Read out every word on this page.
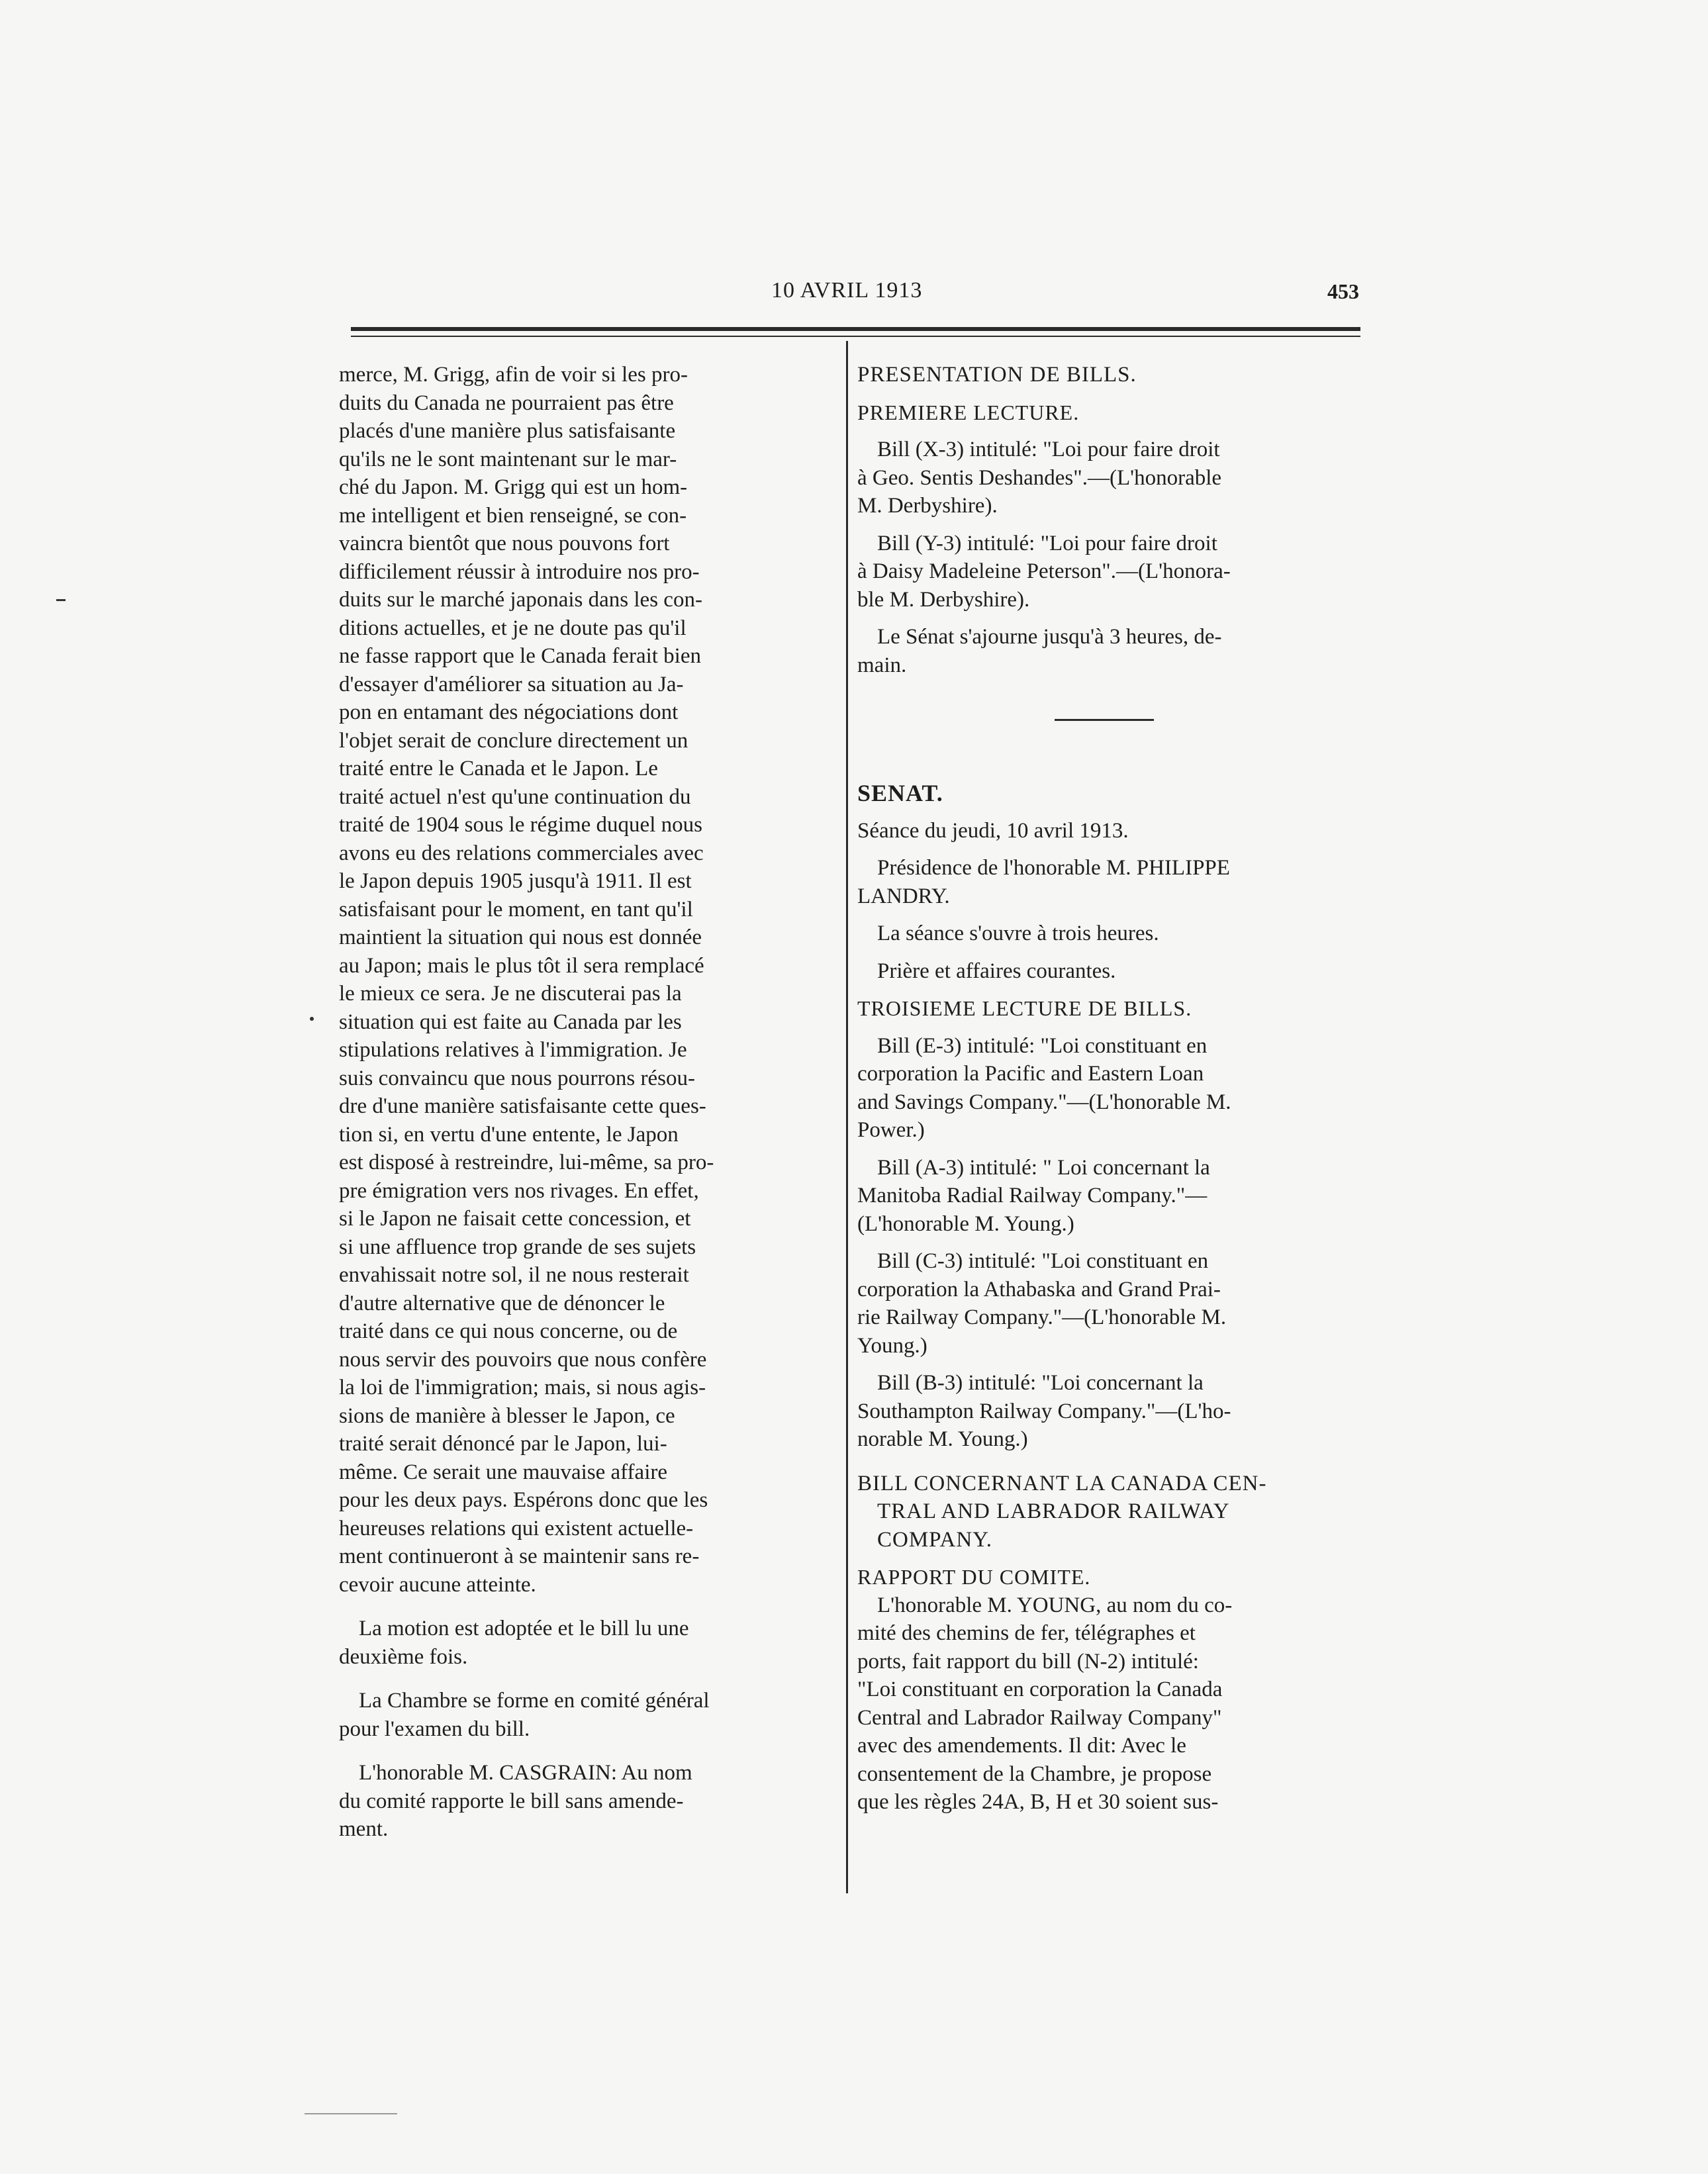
10 AVRIL 1913	453

merce, M. Grigg, afin de voir si les pro-
duits du Canada ne pourraient pas être
placés d'une manière plus satisfaisante
qu'ils ne le sont maintenant sur le mar-
ché du Japon. M. Grigg qui est un hom-
me intelligent et bien renseigné, se con-
vaincra bientôt que nous pouvons fort
difficilement réussir à introduire nos pro-
duits sur le marché japonais dans les con-
ditions actuelles, et je ne doute pas qu'il
ne fasse rapport que le Canada ferait bien
d'essayer d'améliorer sa situation au Ja-
pon en entamant des négociations dont
l'objet serait de conclure directement un
traité entre le Canada et le Japon. Le
traité actuel n'est qu'une continuation du
traité de 1904 sous le régime duquel nous
avons eu des relations commerciales avec
le Japon depuis 1905 jusqu'à 1911. Il est
satisfaisant pour le moment, en tant qu'il
maintient la situation qui nous est donnée
au Japon; mais le plus tôt il sera remplacé
le mieux ce sera. Je ne discuterai pas la
situation qui est faite au Canada par les
stipulations relatives à l'immigration. Je
suis convaincu que nous pourrons résou-
dre d'une manière satisfaisante cette ques-
tion si, en vertu d'une entente, le Japon
est disposé à restreindre, lui-même, sa pro-
pre émigration vers nos rivages. En effet,
si le Japon ne faisait cette concession, et
si une affluence trop grande de ses sujets
envahissait notre sol, il ne nous resterait
d'autre alternative que de dénoncer le
traité dans ce qui nous concerne, ou de
nous servir des pouvoirs que nous confère
la loi de l'immigration; mais, si nous agis-
sions de manière à blesser le Japon, ce
traité serait dénoncé par le Japon, lui-
même. Ce serait une mauvaise affaire
pour les deux pays. Espérons donc que les
heureuses relations qui existent actuelle-
ment continueront à se maintenir sans re-
cevoir aucune atteinte.

La motion est adoptée et le bill lu une
deuxième fois.

La Chambre se forme en comité général
pour l'examen du bill.

L'honorable M. CASGRAIN: Au nom
du comité rapporte le bill sans amende-
ment.

PRESENTATION DE BILLS.

PREMIERE LECTURE.

Bill (X-3) intitulé: "Loi pour faire droit
à Geo. Sentis Deshandes".—(L'honorable
M. Derbyshire).

Bill (Y-3) intitulé: "Loi pour faire droit
à Daisy Madeleine Peterson".—(L'honora-
ble M. Derbyshire).

Le Sénat s'ajourne jusqu'à 3 heures, de-
main.

SENAT.

Séance du jeudi, 10 avril 1913.

Présidence de l'honorable M. PHILIPPE
LANDRY.

La séance s'ouvre à trois heures.

Prière et affaires courantes.

TROISIEME LECTURE DE BILLS.

Bill (E-3) intitulé: "Loi constituant en
corporation la Pacific and Eastern Loan
and Savings Company."—(L'honorable M.
Power.)

Bill (A-3) intitulé: " Loi concernant la
Manitoba Radial Railway Company."—
(L'honorable M. Young.)

Bill (C-3) intitulé: "Loi constituant en
corporation la Athabaska and Grand Prai-
rie Railway Company."—(L'honorable M.
Young.)

Bill (B-3) intitulé: "Loi concernant la
Southampton Railway Company."—(L'ho-
norable M. Young.)

BILL CONCERNANT LA CANADA CEN-
TRAL AND LABRADOR RAILWAY
COMPANY.

RAPPORT DU COMITE.

L'honorable M. YOUNG, au nom du co-
mité des chemins de fer, télégraphes et
ports, fait rapport du bill (N-2) intitulé:
"Loi constituant en corporation la Canada
Central and Labrador Railway Company"
avec des amendements. Il dit: Avec le
consentement de la Chambre, je propose
que les règles 24A, B, H et 30 soient sus-
